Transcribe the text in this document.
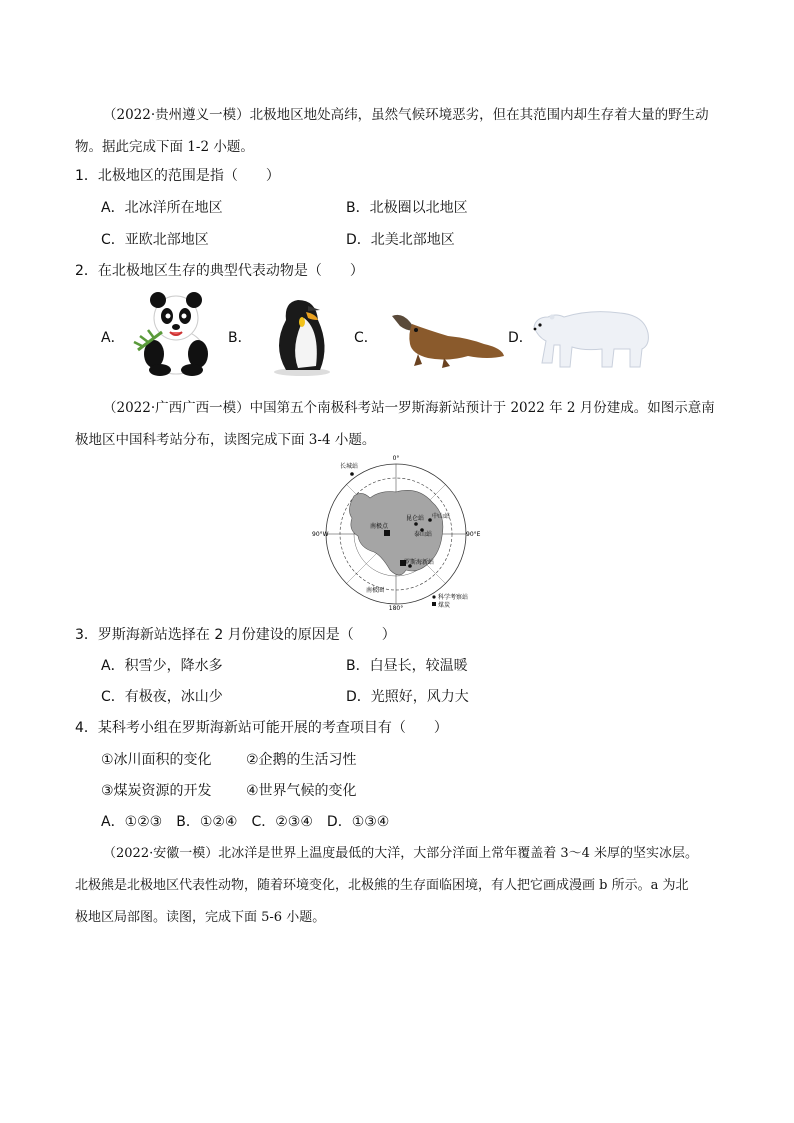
（2022·贵州遵义一模）北极地区地处高纬，虽然气候环境恶劣，但在其范围内却生存着大量的野生动
物。据此完成下面 1-2 小题。
1．北极地区的范围是指（　　）
A．北冰洋所在地区	B．北极圈以北地区
C．亚欧北部地区	D．北美北部地区
2．在北极地区生存的典型代表动物是（　　）
A．	B．	C．	D．
（2022·广西广西一模）中国第五个南极科考站一罗斯海新站预计于 2022 年 2 月份建成。如图示意南
极地区中国科考站分布，读图完成下面 3-4 小题。
0°
90°W	90°E
180°
长城站
中山站
昆仑站
泰山站
罗斯海新站
南极点
南极圈
科学考察站
煤炭
3．罗斯海新站选择在 2 月份建设的原因是（　　）
A．积雪少，降水多	B．白昼长，较温暖
C．有极夜，冰山少	D．光照好，风力大
4．某科考小组在罗斯海新站可能开展的考查项目有（　　）
①冰川面积的变化 ②企鹅的生活习性
③煤炭资源的开发 ④世界气候的变化
A．①②③　B．①②④　C．②③④　D．①③④
（2022·安徽一模）北冰洋是世界上温度最低的大洋，大部分洋面上常年覆盖着 3～4 米厚的坚实冰层。
北极熊是北极地区代表性动物，随着环境变化，北极熊的生存面临困境，有人把它画成漫画 b 所示。a 为北
极地区局部图。读图，完成下面 5-6 小题。
